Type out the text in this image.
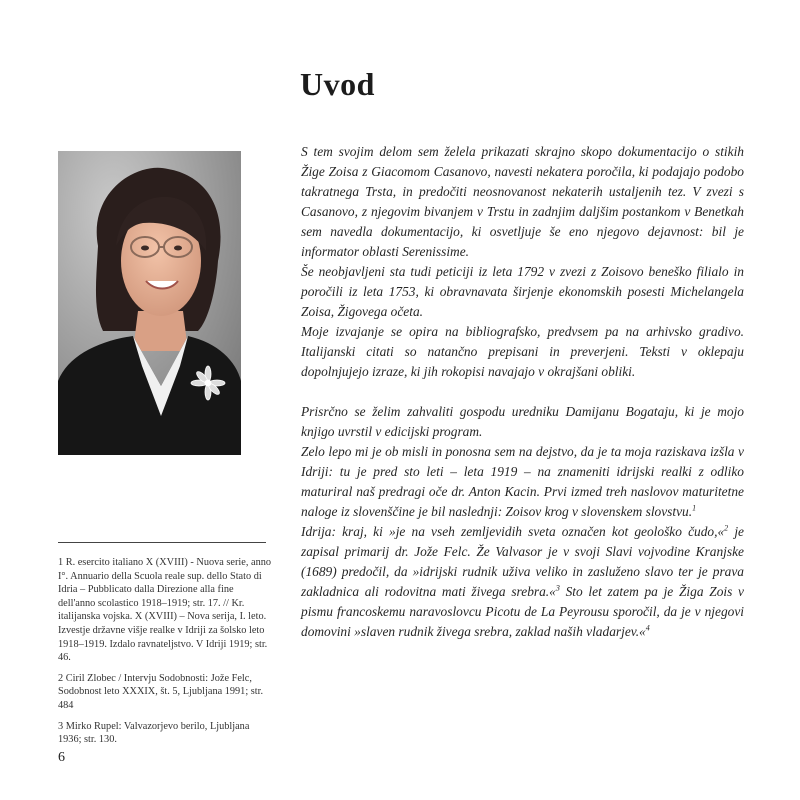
Uvod

S tem svojim delom sem želela prikazati skrajno skopo dokumentacijo o stikih Žige Zoisa z Giacomom Casanovo, navesti nekatera poročila, ki podajajo podobo takratnega Trsta, in predočiti neosnovanost nekaterih ustaljenih tez. V zvezi s Casanovo, z njegovim bivanjem v Trstu in zadnjim daljšim postankom v Benetkah sem navedla dokumentacijo, ki osvetljuje še eno njegovo dejavnost: bil je informator oblasti Serenissime.

Še neobjavljeni sta tudi peticiji iz leta 1792 v zvezi z Zoisovo beneško filialo in poročili iz leta 1753, ki obravnavata širjenje ekonomskih posesti Michelangela Zoisa, Žigovega očeta.

Moje izvajanje se opira na bibliografsko, predvsem pa na arhivsko gradivo. Italijanski citati so natančno prepisani in preverjeni. Teksti v oklepaju dopolnjujejo izraze, ki jih rokopisi navajajo v okrajšani obliki.

Prisrčno se želim zahvaliti gospodu uredniku Damijanu Bogataju, ki je mojo knjigo uvrstil v edicijski program.

Zelo lepo mi je ob misli in ponosna sem na dejstvo, da je ta moja raziskava izšla v Idriji: tu je pred sto leti – leta 1919 – na znameniti idrijski realki z odliko maturiral naš predragi oče dr. Anton Kacin. Prvi izmed treh naslovov maturitetne naloge iz slovenščine je bil naslednji: Zoisov krog v slovenskem slovstvu.$^1$

Idrija: kraj, ki »je na vseh zemljevidih sveta označen kot geološko čudo,«$^2$ je zapisal primarij dr. Jože Felc. Že Valvasor je v svoji Slavi vojvodine Kranjske (1689) predočil, da »idrijski rudnik uživa veliko in zasluženo slavo ter je prava zakladnica ali rodovitna mati živega srebra.«$^3$ Sto let zatem pa je Žiga Zois v pismu francoskemu naravoslovcu Picotu de La Peyrousu sporočil, da je v njegovi domovini »slaven rudnik živega srebra, zaklad naših vladarjev.«$^4$

1 R. esercito italiano X (XVIII) - Nuova serie, anno I°. Annuario della Scuola reale sup. dello Stato di Idria – Pubblicato dalla Direzione alla fine dell'anno scolastico 1918–1919; str. 17. // Kr. italijanska vojska. X (XVIII) – Nova serija, I. leto. Izvestje državne višje realke v Idriji za šolsko leto 1918–1919. Izdalo ravnateljstvo. V Idriji 1919; str. 46.

2 Ciril Zlobec / Intervju Sodobnosti: Jože Felc, Sodobnost leto XXXIX, št. 5, Ljubljana 1991; str. 484

3 Mirko Rupel: Valvazorjevo berilo, Ljubljana 1936; str. 130.

6
